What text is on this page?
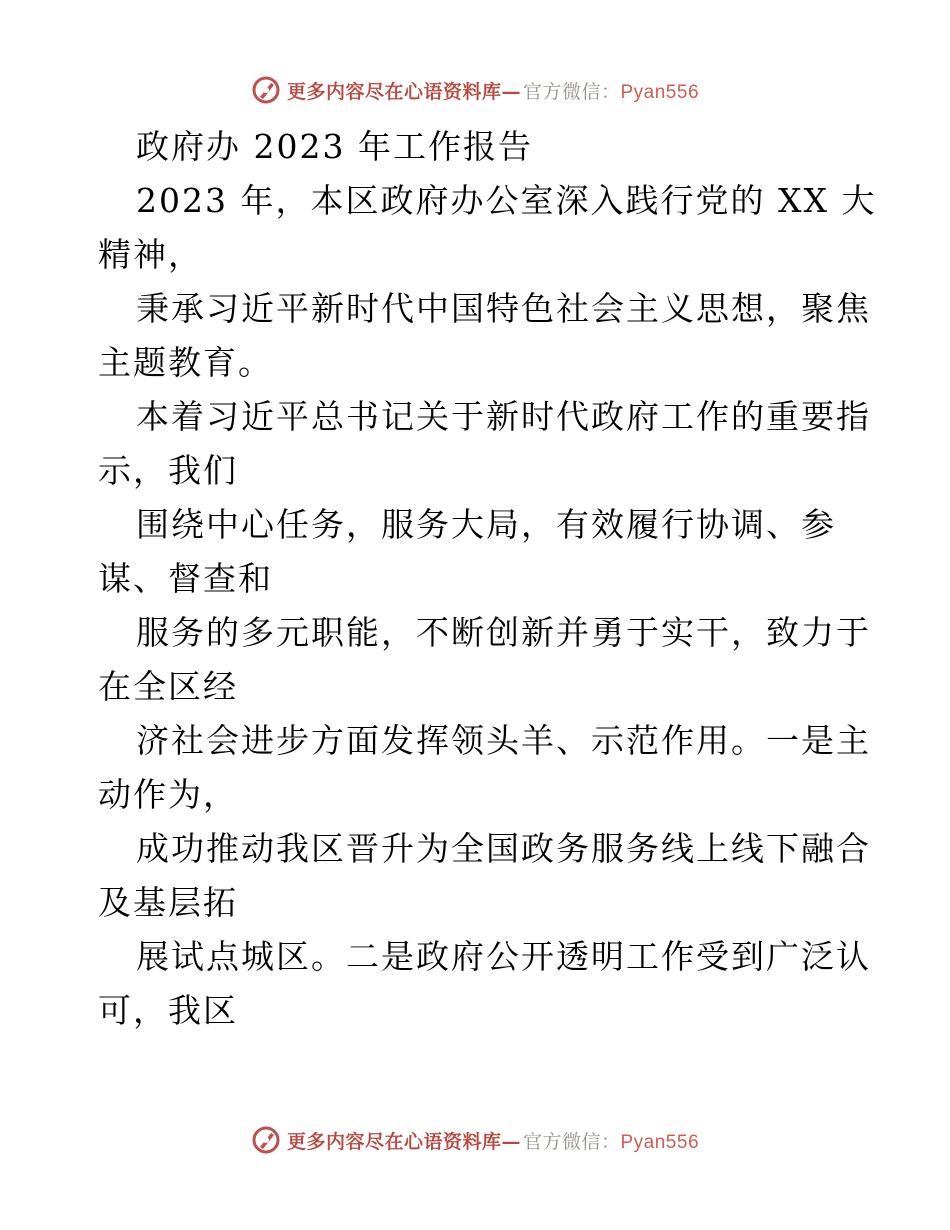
更多内容尽在心语资料库— 官方微信：Pyan556
政府办 2023 年工作报告
2023 年，本区政府办公室深入践行党的 XX 大
精神，
秉承习近平新时代中国特色社会主义思想，聚焦
主题教育。
本着习近平总书记关于新时代政府工作的重要指
示，我们
围绕中心任务，服务大局，有效履行协调、参
谋、督查和
服务的多元职能，不断创新并勇于实干，致力于
在全区经
济社会进步方面发挥领头羊、示范作用。一是主
动作为，
成功推动我区晋升为全国政务服务线上线下融合
及基层拓
展试点城区。二是政府公开透明工作受到广泛认
可，我区
更多内容尽在心语资料库— 官方微信：Pyan556
